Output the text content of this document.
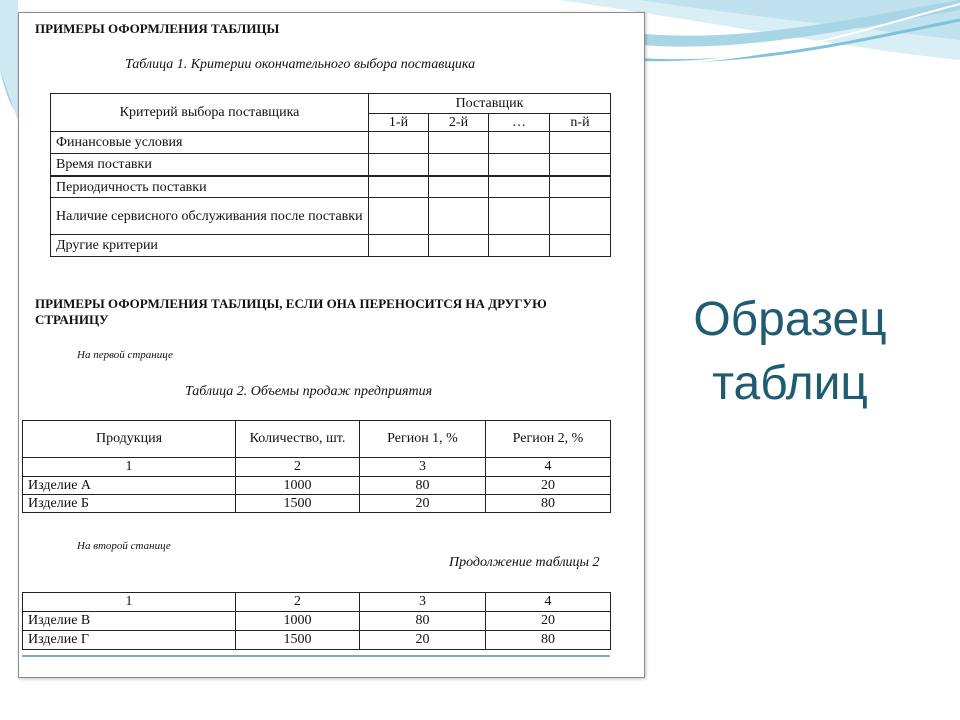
ПРИМЕРЫ ОФОРМЛЕНИЯ ТАБЛИЦЫ
Таблица 1. Критерии окончательного выбора поставщика
Критерий выбора поставщика	Поставщик			
	1-й	2-й	…	n-й
Финансовые условия				
Время поставки				
Периодичность поставки				
Наличие сервисного обслуживания после поставки				
Другие критерии				
ПРИМЕРЫ ОФОРМЛЕНИЯ ТАБЛИЦЫ, ЕСЛИ ОНА ПЕРЕНОСИТСЯ НА ДРУГУЮ СТРАНИЦУ
На первой странице
Таблица 2. Объемы продаж предприятия
Продукция	Количество, шт.	Регион 1, %	Регион 2, %
1	2	3	4
Изделие А	1000	80	20
Изделие Б	1500	20	80
На второй станице
Продолжение таблицы 2
1	2	3	4
Изделие В	1000	80	20
Изделие Г	1500	20	80
Образец таблиц
